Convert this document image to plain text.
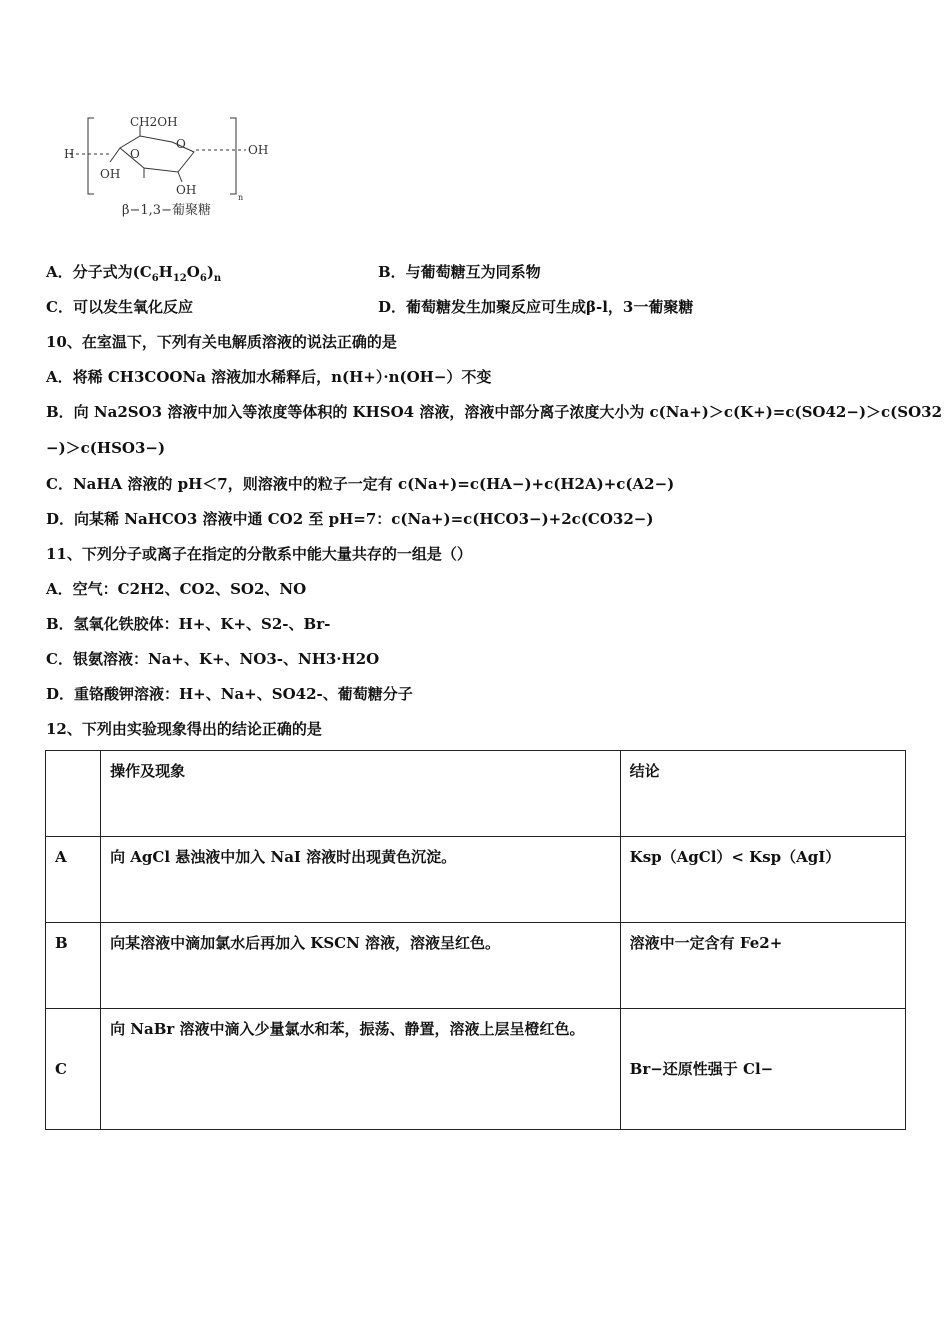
H
CH2OH
O
O	OH
OH
OH
n
β−1,3−葡聚糖
A．分子式为$(C_6H_{12}O_6)_n$	B．与葡萄糖互为同系物
C．可以发生氧化反应	D．葡萄糖发生加聚反应可生成β-l，3一葡聚糖
10、在室温下，下列有关电解质溶液的说法正确的是
A．将稀 CH3COONa 溶液加水稀释后，n(H+）·n(OH−）不变
B．向 Na2SO3 溶液中加入等浓度等体积的 KHSO4 溶液，溶液中部分离子浓度大小为 c(Na+)＞c(K+)=c(SO42−)＞c(SO32
−)＞c(HSO3−)
C．NaHA 溶液的 pH＜7，则溶液中的粒子一定有 c(Na+)=c(HA−)+c(H2A)+c(A2−)
D．向某稀 NaHCO3 溶液中通 CO2 至 pH=7：c(Na+)=c(HCO3−)+2c(CO32−)
11、下列分子或离子在指定的分散系中能大量共存的一组是（）
A．空气：C2H2、CO2、SO2、NO
B．氢氧化铁胶体：H+、K+、S2-、Br-
C．银氨溶液：Na+、K+、NO3-、NH3·H2O
D．重铬酸钾溶液：H+、Na+、SO42-、葡萄糖分子
12、下列由实验现象得出的结论正确的是
	操作及现象	结论
A	向 AgCl 悬浊液中加入 NaI 溶液时出现黄色沉淀。	Ksp（AgCl）< Ksp（AgI）
B	向某溶液中滴加氯水后再加入 KSCN 溶液，溶液呈红色。	溶液中一定含有 Fe2+
C	向 NaBr 溶液中滴入少量氯水和苯，振荡、静置，溶液上层呈橙红色。	Br−还原性强于 Cl−
